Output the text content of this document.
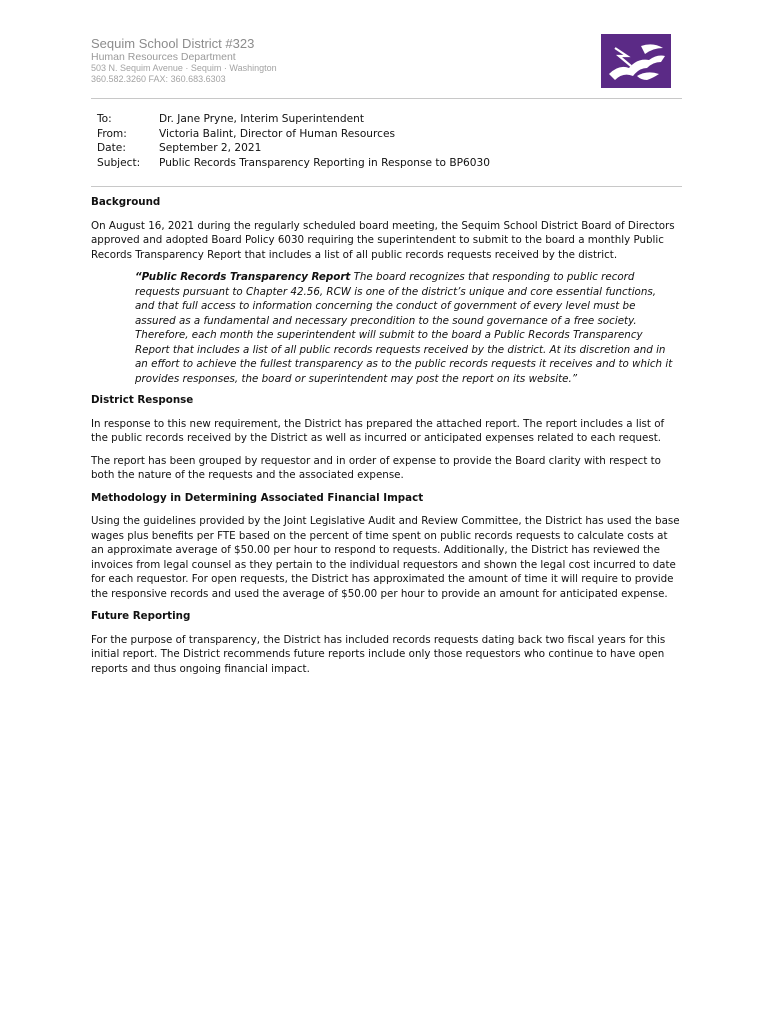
Sequim School District #323
Human Resources Department
503 N. Sequim Avenue · Sequim · Washington
360.582.3260 FAX: 360.683.6303
To:	Dr. Jane Pryne, Interim Superintendent
From:	Victoria Balint, Director of Human Resources
Date:	September 2, 2021
Subject:	Public Records Transparency Reporting in Response to BP6030
Background
On August 16, 2021 during the regularly scheduled board meeting, the Sequim School District Board of Directors approved and adopted Board Policy 6030 requiring the superintendent to submit to the board a monthly Public Records Transparency Report that includes a list of all public records requests received by the district.
“Public Records Transparency Report The board recognizes that responding to public record requests pursuant to Chapter 42.56, RCW is one of the district’s unique and core essential functions, and that full access to information concerning the conduct of government of every level must be assured as a fundamental and necessary precondition to the sound governance of a free society. Therefore, each month the superintendent will submit to the board a Public Records Transparency Report that includes a list of all public records requests received by the district. At its discretion and in an effort to achieve the fullest transparency as to the public records requests it receives and to which it provides responses, the board or superintendent may post the report on its website.”
District Response
In response to this new requirement, the District has prepared the attached report. The report includes a list of the public records received by the District as well as incurred or anticipated expenses related to each request.
The report has been grouped by requestor and in order of expense to provide the Board clarity with respect to both the nature of the requests and the associated expense.
Methodology in Determining Associated Financial Impact
Using the guidelines provided by the Joint Legislative Audit and Review Committee, the District has used the base wages plus benefits per FTE based on the percent of time spent on public records requests to calculate costs at an approximate average of $50.00 per hour to respond to requests. Additionally, the District has reviewed the invoices from legal counsel as they pertain to the individual requestors and shown the legal cost incurred to date for each requestor. For open requests, the District has approximated the amount of time it will require to provide the responsive records and used the average of $50.00 per hour to provide an amount for anticipated expense.
Future Reporting
For the purpose of transparency, the District has included records requests dating back two fiscal years for this initial report. The District recommends future reports include only those requestors who continue to have open reports and thus ongoing financial impact.
